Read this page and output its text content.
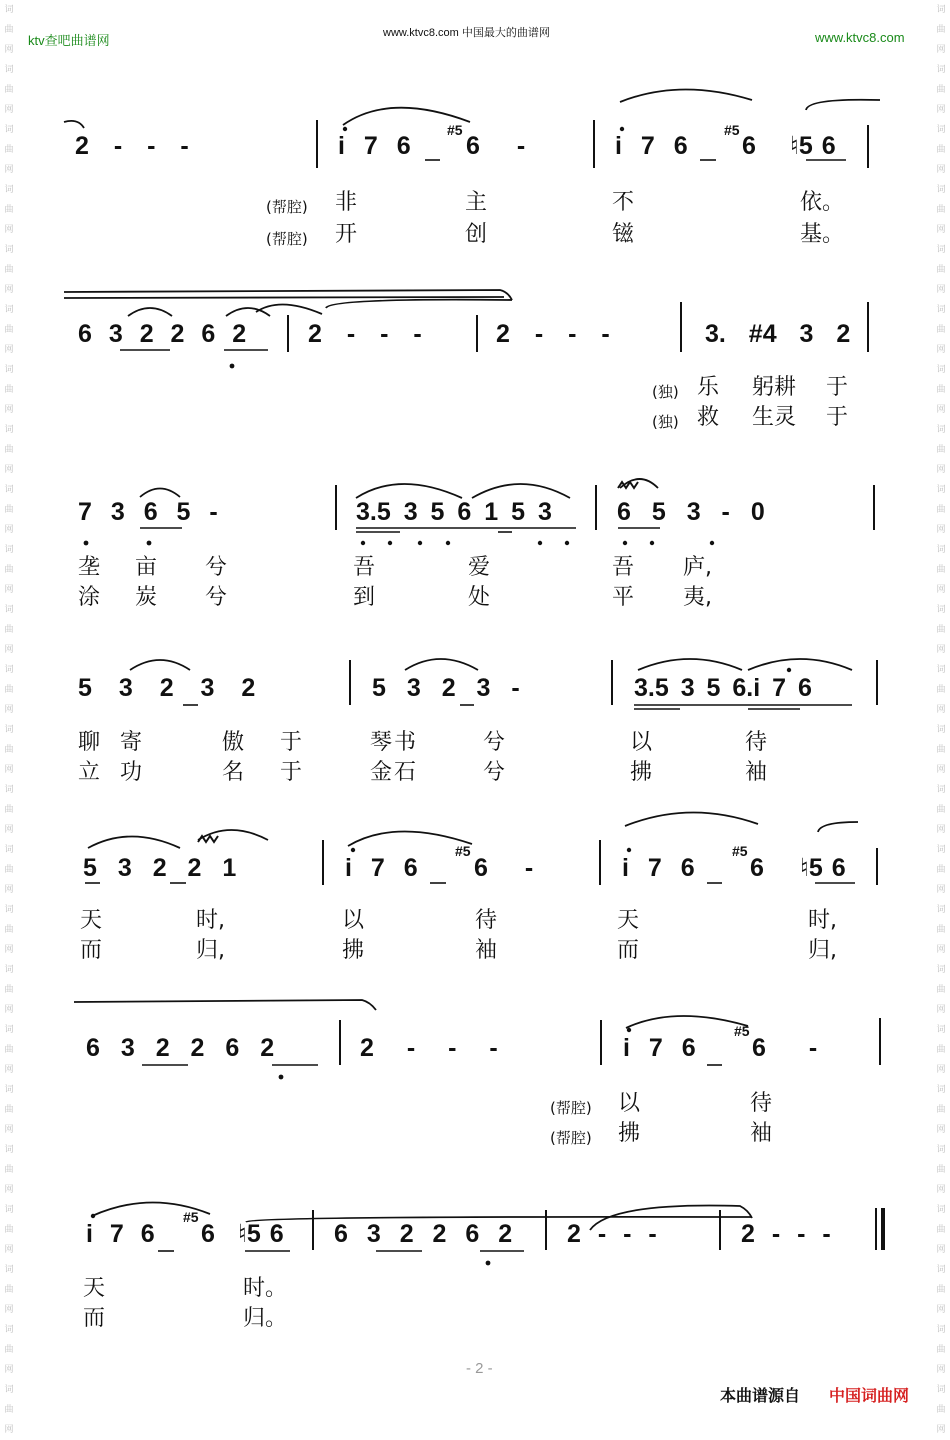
ktv查吧曲谱网	www.ktvc8.com 中国最大的曲谱网	www.ktvc8.com
词
曲
网
词
曲
网
词
曲
网
词
曲
网
词
曲
网
词
曲
网
词
曲
网
词
曲
网
词
曲
网
词
曲
网
词
曲
网
词
曲
网
词
曲
网
词
曲
网
词
曲
网
词
曲
网
词
曲
网
词
曲
网
词
曲
网
词
曲
网
词
曲
网
词
曲
网
词
曲
网
词
曲
网
词
曲
网
词
曲
网
词
曲
网
词
曲
网
词
曲
网
词
曲
网
词
曲
网
词
曲
网
词
曲
网
词
曲
网
词
曲
网
词
曲
网
词
曲
网
词
曲
网
词
曲
网
词
曲
网
词
曲
网
词
曲
网
词
曲
网
词
曲
网
词
曲
网
词
曲
网
词
曲
网
词
曲
网
2 - - -	i 7 6
#5
6 -	i 7 6
#5
6 ♮5 6
(帮腔) 非	主	不	依。
(帮腔) 开	创	镃	基。
6 3 2 2 6 2 2 - - -	2 - - -	3. #4 3 2
(独) 乐 躬耕 于
(独) 救 生灵 于
7 3 6 5 -	3.5 3 5 6 1 5 3	6 5 3 - 0
垄 亩 兮	吾	爱	吾 庐,
涂 炭 兮	到	处	平 夷,
5 3 2 3 2	5 3 2 3 -	3.5 3 5 6.i 7 6
聊 寄	傲 于	琴书	兮	以	待
立 功	名 于	金石	兮	拂	袖
5 3 2 2 1	i 7 6
#5
6 -	i 7 6
#5
6 ♮5 6
天	时,	以	待	天	时,
而	归,	拂	袖	而	归,
6 3 2 2 6 2	2 - - -	i 7 6
#5
6 -
(帮腔) 以	待
(帮腔) 拂	袖
i 7 6
#5
6 ♮5 6 6 3 2 2 6 2 2 - - -	2 - - -
天	时。
而	归。
- 2 -
本曲谱源自 中国词曲网
